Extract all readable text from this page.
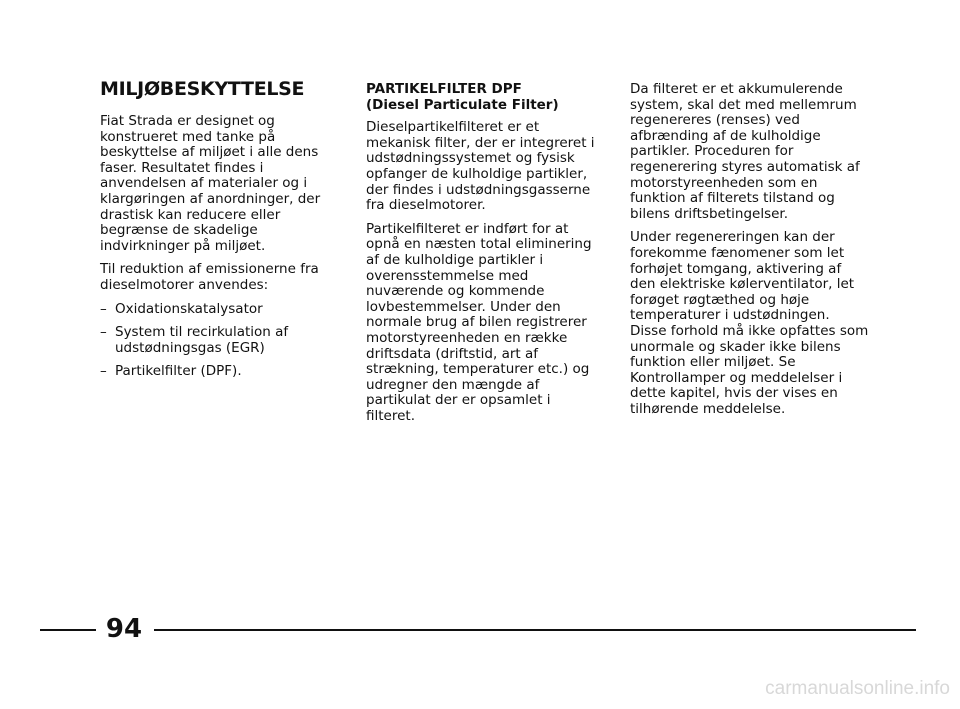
MILJØBESKYTTELSE

Fiat Strada er designet og konstrueret med tanke på beskyttelse af miljøet i alle dens faser. Resultatet findes i anvendelsen af materialer og i klargøringen af anordninger, der drastisk kan reducere eller begrænse de skadelige indvirkninger på miljøet.

Til reduktion af emissionerne fra dieselmotorer anvendes:

– Oxidationskatalysator
– System til recirkulation af udstødningsgas (EGR)
– Partikelfilter (DPF).
PARTIKELFILTER DPF
(Diesel Particulate Filter)

Dieselpartikelfilteret er et mekanisk filter, der er integreret i udstødningssystemet og fysisk opfanger de kulholdige partikler, der findes i udstødningsgasserne fra dieselmotorer.

Partikelfilteret er indført for at opnå en næsten total eliminering af de kulholdige partikler i overensstemmelse med nuværende og kommende lovbestemmelser. Under den normale brug af bilen registrerer motorstyreenheden en række driftsdata (driftstid, art af strækning, temperaturer etc.) og udregner den mængde af partikulat der er opsamlet i filteret.

Da filteret er et akkumulerende system, skal det med mellemrum regenereres (renses) ved afbrænding af de kulholdige partikler. Proceduren for regenerering styres automatisk af motorstyreenheden som en funktion af filterets tilstand og bilens driftsbetingelser.

Under regenereringen kan der forekomme fænomener som let forhøjet tomgang, aktivering af den elektriske kølerventilator, let forøget røgtæthed og høje temperaturer i udstødningen. Disse forhold må ikke opfattes som unormale og skader ikke bilens funktion eller miljøet. Se Kontrollamper og meddelelser i dette kapitel, hvis der vises en tilhørende meddelelse.

94
carmanualsonline.info
